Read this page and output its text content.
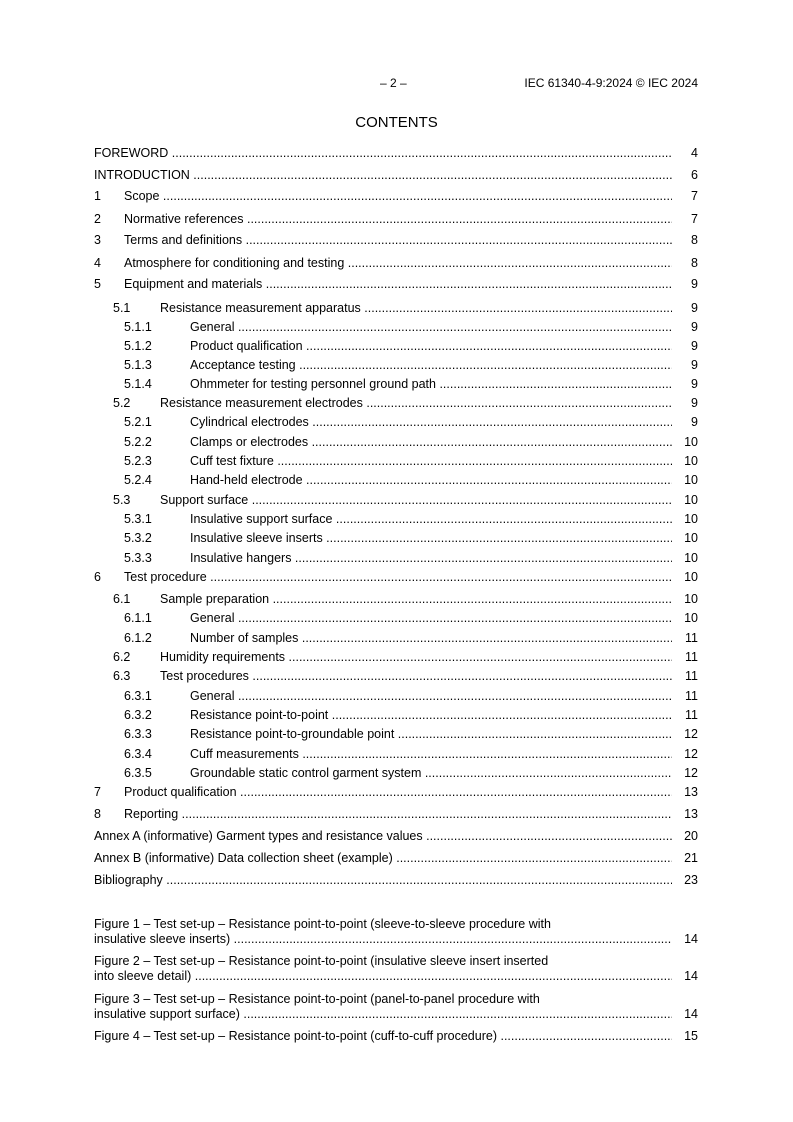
– 2 –	IEC 61340-4-9:2024 © IEC 2024
CONTENTS
FOREWORD .....	4
INTRODUCTION .....	6
1 Scope .....	7
2 Normative references .....	7
3 Terms and definitions .....	8
4 Atmosphere for conditioning and testing .....	8
5 Equipment and materials .....	9
5.1 Resistance measurement apparatus .....	9
5.1.1	General .....	9
5.1.2	Product qualification .....	9
5.1.3	Acceptance testing .....	9
5.1.4	Ohmmeter for testing personnel ground path .....	9
5.2 Resistance measurement electrodes .....	9
5.2.1	Cylindrical electrodes .....	9
5.2.2	Clamps or electrodes .....	10
5.2.3	Cuff test fixture .....	10
5.2.4	Hand-held electrode .....	10
5.3 Support surface .....	10
5.3.1	Insulative support surface .....	10
5.3.2	Insulative sleeve inserts .....	10
5.3.3	Insulative hangers .....	10
6 Test procedure .....	10
6.1 Sample preparation .....	10
6.1.1	General .....	10
6.1.2	Number of samples .....	11
6.2 Humidity requirements .....	11
6.3 Test procedures .....	11
6.3.1	General .....	11
6.3.2	Resistance point-to-point .....	11
6.3.3	Resistance point-to-groundable point .....	12
6.3.4	Cuff measurements .....	12
6.3.5	Groundable static control garment system .....	12
7 Product qualification .....	13
8 Reporting .....	13
Annex A (informative) Garment types and resistance values .....	20
Annex B (informative) Data collection sheet (example) .....	21
Bibliography .....	23
Figure 1 – Test set-up – Resistance point-to-point (sleeve-to-sleeve procedure with
insulative sleeve inserts) .....	14
Figure 2 – Test set-up – Resistance point-to-point (insulative sleeve insert inserted
into sleeve detail) .....	14
Figure 3 – Test set-up – Resistance point-to-point (panel-to-panel procedure with
insulative support surface) .....	14
Figure 4 – Test set-up – Resistance point-to-point (cuff-to-cuff procedure) .....	15
